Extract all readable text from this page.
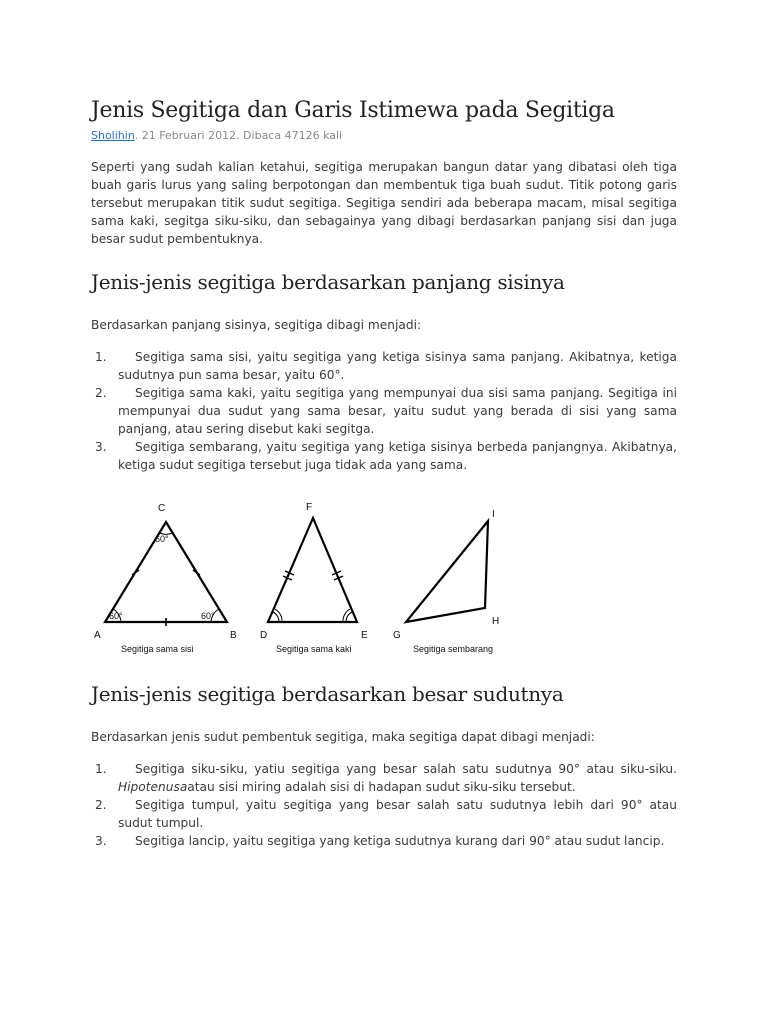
Jenis Segitiga dan Garis Istimewa pada Segitiga
Sholihin. 21 Februari 2012. Dibaca 47126 kali

Seperti yang sudah kalian ketahui, segitiga merupakan bangun datar yang dibatasi oleh tiga buah garis lurus yang saling berpotongan dan membentuk tiga buah sudut. Titik potong garis tersebut merupakan titik sudut segitiga. Segitiga sendiri ada beberapa macam, misal segitiga sama kaki, segitga siku-siku, dan sebagainya yang dibagi berdasarkan panjang sisi dan juga besar sudut pembentuknya.

Jenis-jenis segitiga berdasarkan panjang sisinya

Berdasarkan panjang sisinya, segitiga dibagi menjadi:

1. Segitiga sama sisi, yaitu segitiga yang ketiga sisinya sama panjang. Akibatnya, ketiga sudutnya pun sama besar, yaitu 60°.
2. Segitiga sama kaki, yaitu segitiga yang mempunyai dua sisi sama panjang. Segitiga ini mempunyai dua sudut yang sama besar, yaitu sudut yang berada di sisi yang sama panjang, atau sering disebut kaki segitga.
3. Segitiga sembarang, yaitu segitiga yang ketiga sisinya berbeda panjangnya. Akibatnya, ketiga sudut segitiga tersebut juga tidak ada yang sama.
C
A	B
60°
60°	60°
Segitiga sama sisi
F
D	E
Segitiga sama kaki
I
G
H
Segitiga sembarang
Jenis-jenis segitiga berdasarkan besar sudutnya

Berdasarkan jenis sudut pembentuk segitiga, maka segitiga dapat dibagi menjadi:

1. Segitiga siku-siku, yatiu segitiga yang besar salah satu sudutnya 90° atau siku-siku. Hipotenusaatau sisi miring adalah sisi di hadapan sudut siku-siku tersebut.
2. Segitiga tumpul, yaitu segitiga yang besar salah satu sudutnya lebih dari 90° atau sudut tumpul.
3. Segitiga lancip, yaitu segitiga yang ketiga sudutnya kurang dari 90° atau sudut lancip.
